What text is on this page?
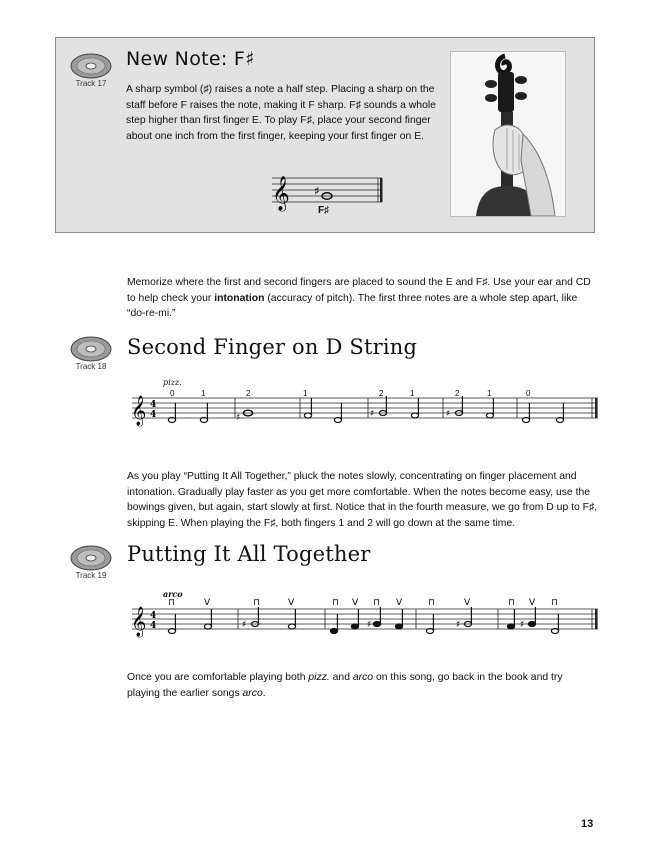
Track 17
New Note: F♯
A sharp symbol (♯) raises a note a half step. Placing a sharp on the staff before F raises the note, making it F sharp. F♯ sounds a whole step higher than first finger E. To play F♯, place your second finger about one inch from the first finger, keeping your first finger on E.
𝄞 ♯
F♯
Memorize where the first and second fingers are placed to sound the E and F♯. Use your ear and CD to help check your intonation (accuracy of pitch). The first three notes are a whole step apart, like “do-re-mi.”
Track 18
Second Finger on D String
pizz.
𝄞 4
4	♯	♯	♯
0	1	2	1	2	1	2	1	0
As you play “Putting It All Together,” pluck the notes slowly, concentrating on finger placement and intonation. Gradually play faster as you get more comfortable. When the notes become easy, use the bowings given, but again, start slowly at first. Notice that in the fourth measure, we go from D up to F♯, skipping E. When playing the F♯, both fingers 1 and 2 will go down at the same time.
Track 19
Putting It All Together
arco
𝄞 4
4
⊓	V	⊓	V	⊓ V ⊓ V	⊓	V	⊓ V ⊓
♯	♯	♯	♯
Once you are comfortable playing both pizz. and arco on this song, go back in the book and try playing the earlier songs arco.
13
